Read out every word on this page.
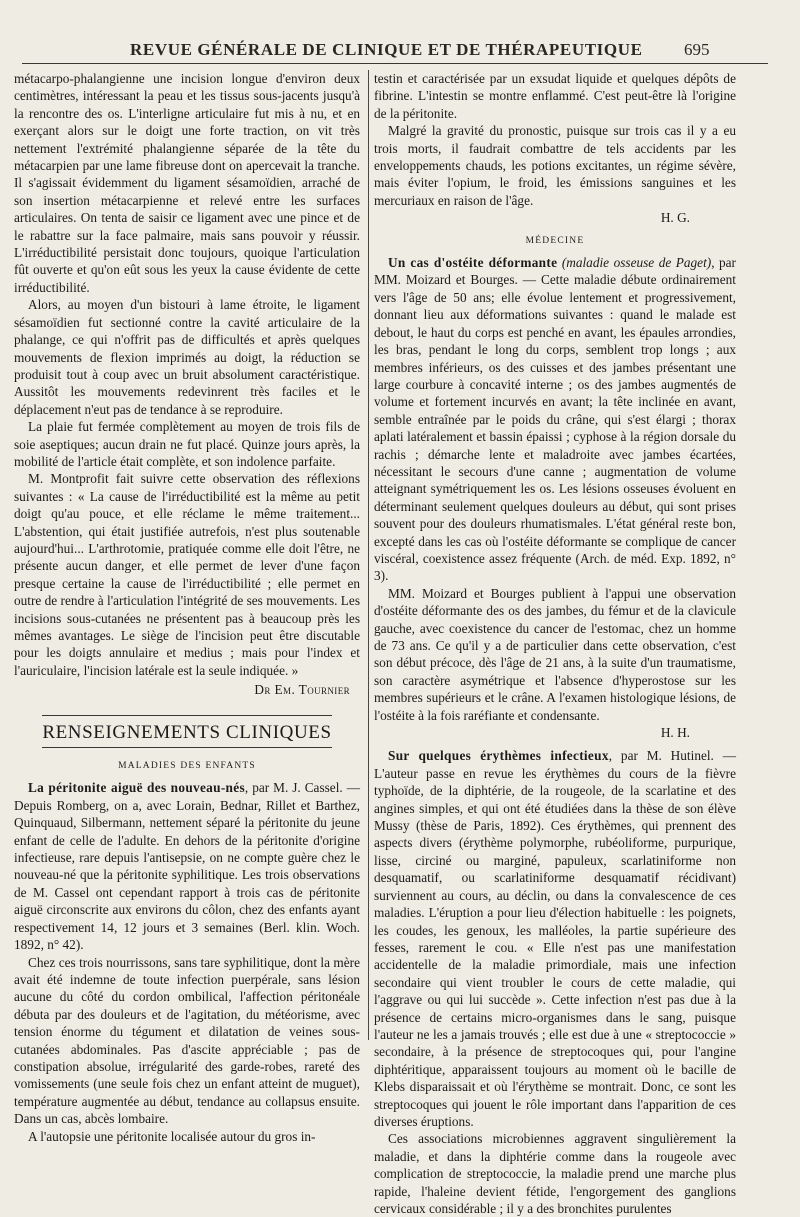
REVUE GÉNÉRALE DE CLINIQUE ET DE THÉRAPEUTIQUE 695

métacarpo-phalangienne une incision longue d'environ deux centimètres, intéressant la peau et les tissus sous-jacents jusqu'à la rencontre des os. L'interligne articulaire fut mis à nu, et en exerçant alors sur le doigt une forte traction, on vit très nettement l'extrémité phalangienne séparée de la tête du métacarpien par une lame fibreuse dont on apercevait la tranche. Il s'agissait évidemment du ligament sésamoïdien, arraché de son insertion métacarpienne et relevé entre les surfaces articulaires. On tenta de saisir ce ligament avec une pince et de le rabattre sur la face palmaire, mais sans pouvoir y réussir. L'irréductibilité persistait donc toujours, quoique l'articulation fût ouverte et qu'on eût sous les yeux la cause évidente de cette irréductibilité.

Alors, au moyen d'un bistouri à lame étroite, le ligament sésamoïdien fut sectionné contre la cavité articulaire de la phalange, ce qui n'offrit pas de difficultés et après quelques mouvements de flexion imprimés au doigt, la réduction se produisit tout à coup avec un bruit absolument caractéristique. Aussitôt les mouvements redevinrent très faciles et le déplacement n'eut pas de tendance à se reproduire.

La plaie fut fermée complètement au moyen de trois fils de soie aseptiques; aucun drain ne fut placé. Quinze jours après, la mobilité de l'article était complète, et son indolence parfaite.

M. Montprofit fait suivre cette observation des réflexions suivantes : « La cause de l'irréductibilité est la même au petit doigt qu'au pouce, et elle réclame le même traitement... L'abstention, qui était justifiée autrefois, n'est plus soutenable aujourd'hui... L'arthrotomie, pratiquée comme elle doit l'être, ne présente aucun danger, et elle permet de lever d'une façon presque certaine la cause de l'irréductibilité ; elle permet en outre de rendre à l'articulation l'intégrité de ses mouvements. Les incisions sous-cutanées ne présentent pas à beaucoup près les mêmes avantages. Le siège de l'incision peut être discutable pour les doigts annulaire et medius ; mais pour l'index et l'auriculaire, l'incision latérale est la seule indiquée. »

Dr Em. Tournier

RENSEIGNEMENTS CLINIQUES
MALADIES DES ENFANTS

La péritonite aiguë des nouveau-nés, par M. J. Cassel. — Depuis Romberg, on a, avec Lorain, Bednar, Rillet et Barthez, Quinquaud, Silbermann, nettement séparé la péritonite du jeune enfant de celle de l'adulte. En dehors de la péritonite d'origine infectieuse, rare depuis l'antisepsie, on ne compte guère chez le nouveau-né que la péritonite syphilitique. Les trois observations de M. Cassel ont cependant rapport à trois cas de péritonite aiguë circonscrite aux environs du côlon, chez des enfants ayant respectivement 14, 12 jours et 3 semaines (Berl. klin. Woch. 1892, n° 42).

Chez ces trois nourrissons, sans tare syphilitique, dont la mère avait été indemne de toute infection puerpérale, sans lésion aucune du côté du cordon ombilical, l'affection péritonéale débuta par des douleurs et de l'agitation, du météorisme, avec tension énorme du tégument et dilatation de veines sous-cutanées abdominales. Pas d'ascite appréciable ; pas de constipation absolue, irrégularité des garde-robes, rareté des vomissements (une seule fois chez un enfant atteint de muguet), température augmentée au début, tendance au collapsus ensuite. Dans un cas, abcès lombaire.

A l'autopsie une péritonite localisée autour du gros in-

testin et caractérisée par un exsudat liquide et quelques dépôts de fibrine. L'intestin se montre enflammé. C'est peut-être là l'origine de la péritonite.

Malgré la gravité du pronostic, puisque sur trois cas il y a eu trois morts, il faudrait combattre de tels accidents par les enveloppements chauds, les potions excitantes, un régime sévère, mais éviter l'opium, le froid, les émissions sanguines et les mercuriaux en raison de l'âge.

H. G.

MÉDECINE

Un cas d'ostéite déformante (maladie osseuse de Paget), par MM. Moizard et Bourges. — Cette maladie débute ordinairement vers l'âge de 50 ans; elle évolue lentement et progressivement, donnant lieu aux déformations suivantes : quand le malade est debout, le haut du corps est penché en avant, les épaules arrondies, les bras, pendant le long du corps, semblent trop longs ; aux membres inférieurs, os des cuisses et des jambes présentant une large courbure à concavité interne ; os des jambes augmentés de volume et fortement incurvés en avant; la tête inclinée en avant, semble entraînée par le poids du crâne, qui s'est élargi ; thorax aplati latéralement et bassin épaissi ; cyphose à la région dorsale du rachis ; démarche lente et maladroite avec jambes écartées, nécessitant le secours d'une canne ; augmentation de volume atteignant symétriquement les os. Les lésions osseuses évoluent en déterminant seulement quelques douleurs au début, qui sont prises souvent pour des douleurs rhumatismales. L'état général reste bon, excepté dans les cas où l'ostéite déformante se complique de cancer viscéral, coexistence assez fréquente (Arch. de méd. Exp. 1892, n° 3).

MM. Moizard et Bourges publient à l'appui une observation d'ostéite déformante des os des jambes, du fémur et de la clavicule gauche, avec coexistence du cancer de l'estomac, chez un homme de 73 ans. Ce qu'il y a de particulier dans cette observation, c'est son début précoce, dès l'âge de 21 ans, à la suite d'un traumatisme, son caractère asymétrique et l'absence d'hyperostose sur les membres supérieurs et le crâne. A l'examen histologique lésions, de l'ostéite à la fois raréfiante et condensante.

H. H.

Sur quelques érythèmes infectieux, par M. Hutinel. — L'auteur passe en revue les érythèmes du cours de la fièvre typhoïde, de la diphtérie, de la rougeole, de la scarlatine et des angines simples, et qui ont été étudiées dans la thèse de son élève Mussy (thèse de Paris, 1892). Ces érythèmes, qui prennent des aspects divers (érythème polymorphe, rubéoliforme, purpurique, lisse, circiné ou marginé, papuleux, scarlatiniforme non desquamatif, ou scarlatiniforme desquamatif récidivant) surviennent au cours, au déclin, ou dans la convalescence de ces maladies. L'éruption a pour lieu d'élection habituelle : les poignets, les coudes, les genoux, les malléoles, la partie supérieure des fesses, rarement le cou. « Elle n'est pas une manifestation accidentelle de la maladie primordiale, mais une infection secondaire qui vient troubler le cours de cette maladie, qui l'aggrave ou qui lui succède ». Cette infection n'est pas due à la présence de certains micro-organismes dans le sang, puisque l'auteur ne les a jamais trouvés ; elle est due à une « streptococcie » secondaire, à la présence de streptocoques qui, pour l'angine diphtéritique, apparaissent toujours au moment où le bacille de Klebs disparaissait et où l'érythème se montrait. Donc, ce sont les streptocoques qui jouent le rôle important dans l'apparition de ces diverses éruptions.

Ces associations microbiennes aggravent singulièrement la maladie, et dans la diphtérie comme dans la rougeole avec complication de streptococcie, la maladie prend une marche plus rapide, l'haleine devient fétide, l'engorgement des ganglions cervicaux considérable ; il y a des bronchites purulentes
